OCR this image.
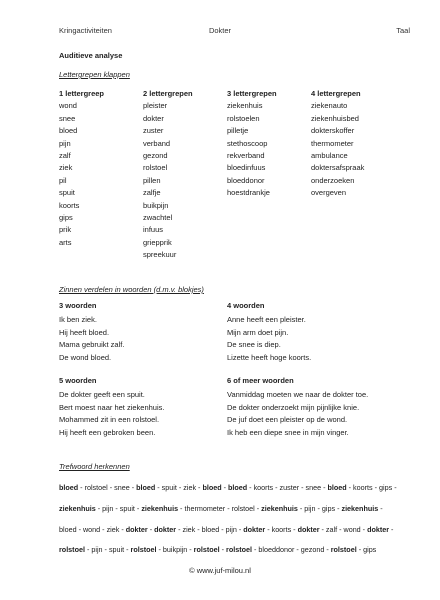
Kringactiviteiten	Dokter	Taal
Auditieve analyse
Lettergrepen klappen
1 lettergreep
wond
snee
bloed
pijn
zalf
ziek
pil
spuit
koorts
gips
prik
arts
2 lettergrepen
pleister
dokter
zuster
verband
gezond
rolstoel
pillen
zalfje
buikpijn
zwachtel
infuus
griepprik
spreekuur
3 lettergrepen
ziekenhuis
rolstoelen
pilletje
stethoscoop
rekverband
bloedinfuus
bloeddonor
hoestdrankje
4 lettergrepen
ziekenauto
ziekenhuisbed
dokterskoffer
thermometer
ambulance
doktersafspraak
onderzoeken
overgeven
Zinnen verdelen in woorden (d.m.v. blokjes)
3 woorden
Ik ben ziek.
Hij heeft bloed.
Mama gebruikt zalf.
De wond bloed.
4 woorden
Anne heeft een pleister.
Mijn arm doet pijn.
De snee is diep.
Lizette heeft hoge koorts.
5 woorden
De dokter geeft een spuit.
Bert moest naar het ziekenhuis.
Mohammed zit in een rolstoel.
Hij heeft een gebroken been.
6 of meer woorden
Vanmiddag moeten we naar de dokter toe.
De dokter onderzoekt mijn pijnlijke knie.
De juf doet een pleister op de wond.
Ik heb een diepe snee in mijn vinger.
Trefwoord herkennen
bloed - rolstoel - snee - bloed - spuit - ziek - bloed - bloed - koorts - zuster - snee - bloed - koorts - gips - ziekenhuis - pijn - spuit - ziekenhuis - thermometer - rolstoel - ziekenhuis - pijn - gips - ziekenhuis - bloed - wond - ziek - dokter - dokter - ziek - bloed - pijn - dokter - koorts - dokter - zalf - wond - dokter - rolstoel - pijn - spuit - rolstoel - buikpijn - rolstoel - rolstoel - bloeddonor - gezond - rolstoel - gips
© www.juf-milou.nl
